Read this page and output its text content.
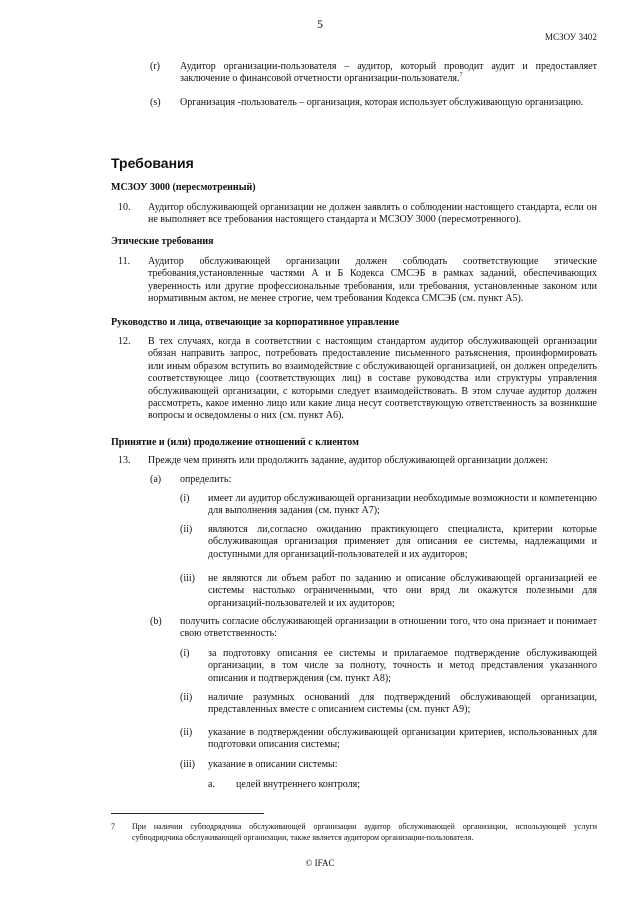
5
МСЗОУ 3402
(r) Аудитор организации-пользователя – аудитор, который проводит аудит и предоставляет заключение о финансовой отчетности организации-пользователя.$^7$
(s) Организация -пользователь – организация, которая использует обслуживающую организацию.
Требования
МСЗОУ 3000 (пересмотренный)
10. Аудитор обслуживающей организации не должен заявлять о соблюдении настоящего стандарта, если он не выполняет все требования настоящего стандарта и МСЗОУ 3000 (пересмотренного).
Этические требования
11. Аудитор обслуживающей организации должен соблюдать соответствующие этические требования,установленные частями А и Б Кодекса СМСЭБ в рамках заданий, обеспечивающих уверенность или другие профессиональные требования, или требования, установленные законом или нормативным актом, не менее строгие, чем требования Кодекса СМСЭБ (см. пункт А5).
Руководство и лица, отвечающие за корпоративное управление
12. В тех случаях, когда в соответствии с настоящим стандартом аудитор обслуживающей организации обязан направить запрос, потребовать предоставление письменного разъяснения, проинформировать или иным образом вступить во взаимодействие с обслуживающей организацией, он должен определить соответствующее лицо (соответствующих лиц) в составе руководства или структуры управления обслуживающей организации, с которыми следует взаимодействовать. В этом случае аудитор должен рассмотреть, какое именно лицо или какие лица несут соответствующую ответственность за возникшие вопросы и осведомлены о них (см. пункт А6).
Принятие и (или) продолжение отношений с клиентом
13. Прежде чем принять или продолжить задание, аудитор обслуживающей организации должен:
(a) определить:
(i) имеет ли аудитор обслуживающей организации необходимые возможности и компетенцию для выполнения задания (см. пункт А7);
(ii) являются ли,согласно ожиданию практикующего специалиста, критерии которые обслуживающая организация применяет для описания ее системы, надлежащими и доступными для организаций-пользователей и их аудиторов;
(iii) не являются ли объем работ по заданию и описание обслуживающей организацией ее системы настолько ограниченными, что они вряд ли окажутся полезными для организаций-пользователей и их аудиторов;
(b) получить согласие обслуживающей организации в отношении того, что она признает и понимает свою ответственность:
(i) за подготовку описания ее системы и прилагаемое подтверждение обслуживающей организации, в том числе за полноту, точность и метод представления указанного описания и подтверждения (см. пункт А8);
(ii) наличие разумных оснований для подтверждений обслуживающей организации, представленных вместе с описанием системы (см. пункт А9);
(ii) указание в подтверждении обслуживающей организации критериев, использованных для подготовки описания системы;
(iii) указание в описании системы:
a. целей внутреннего контроля;
7 При наличии субподрядчика обслуживающей организации аудитор обслуживающей организации, использующей услуги субподрядчика обслуживающей организации, также является аудитором организации-пользователя.
© IFAC
